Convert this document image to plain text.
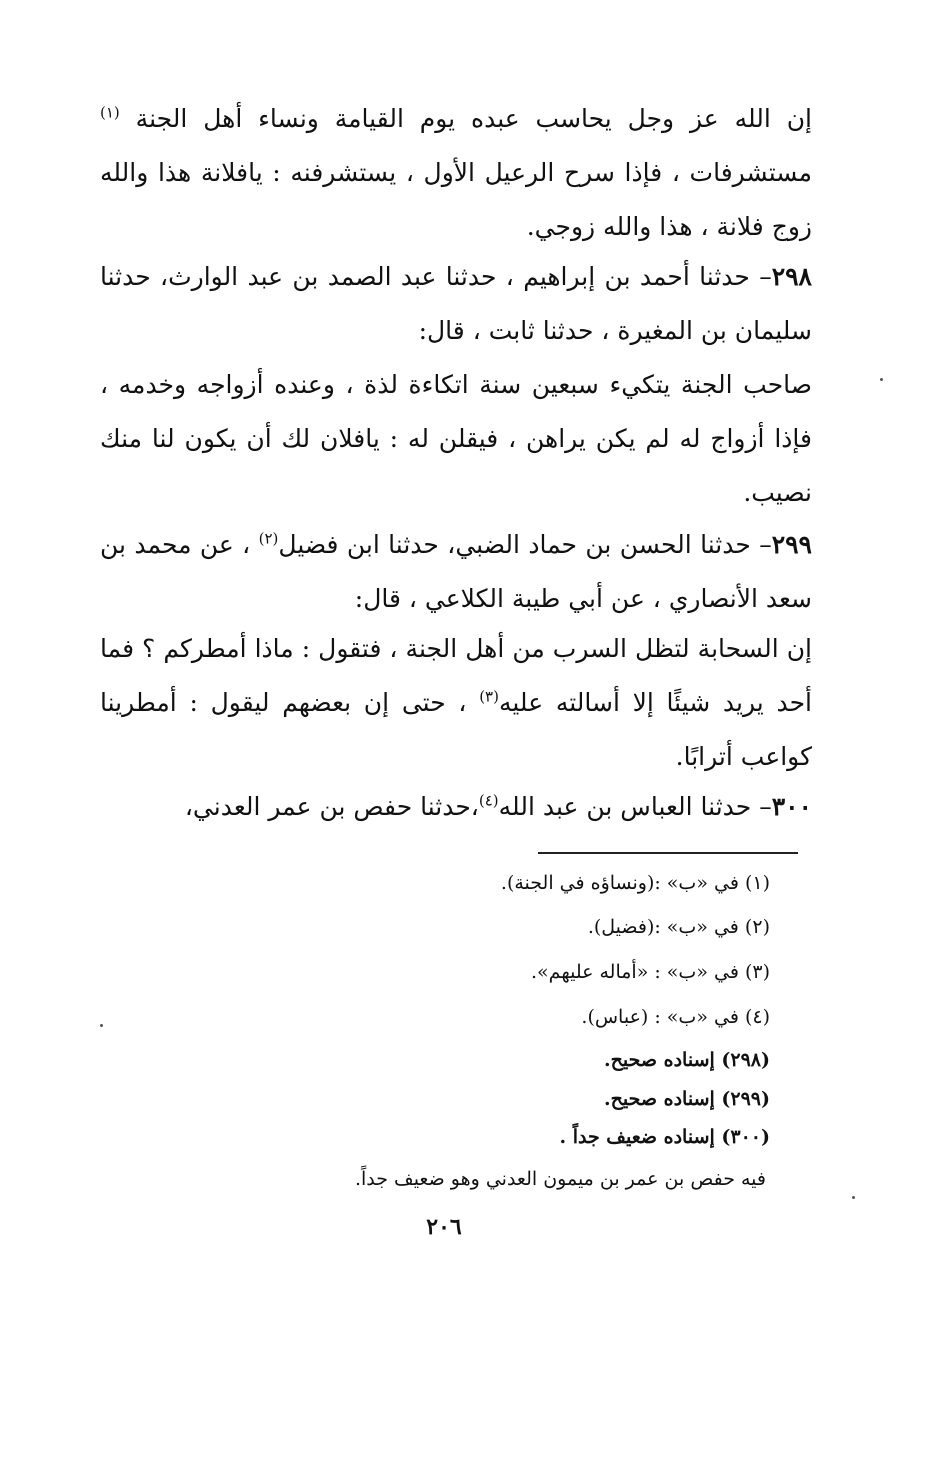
إن الله عز وجل يحاسب عبده يوم القيامة ونساء أهل الجنة $^{(١)}$ مستشرفات ، فإذا سرح الرعيل الأول ، يستشرفنه : يافلانة هذا والله زوج فلانة ، هذا والله زوجي.
٢٩٨– حدثنا أحمد بن إبراهيم ، حدثنا عبد الصمد بن عبد الوارث، حدثنا سليمان بن المغيرة ، حدثنا ثابت ، قال:
صاحب الجنة يتكيء سبعين سنة اتكاءة لذة ، وعنده أزواجه وخدمه ، فإذا أزواج له لم يكن يراهن ، فيقلن له : يافلان لك أن يكون لنا منك نصيب.
٢٩٩– حدثنا الحسن بن حماد الضبي، حدثنا ابن فضيل$^{(٢)}$ ، عن محمد بن سعد الأنصاري ، عن أبي طيبة الكلاعي ، قال:
إن السحابة لتظل السرب من أهل الجنة ، فتقول : ماذا أمطركم ؟ فما أحد يريد شيئًا إلا أسالته عليه$^{(٣)}$ ، حتى إن بعضهم ليقول : أمطرينا كواعب أترابًا.
٣٠٠– حدثنا العباس بن عبد الله$^{(٤)}$،حدثنا حفص بن عمر العدني،
(١) في «ب» :(ونساؤه في الجنة).
(٢) في «ب» :(فضيل).
(٣) في «ب» : «أماله عليهم».
(٤) في «ب» : (عباس).
(٢٩٨) إسناده صحيح.
(٢٩٩) إسناده صحيح.
(٣٠٠) إسناده ضعيف جداً .
فيه حفص بن عمر بن ميمون العدني وهو ضعيف جداً.
٢٠٦
